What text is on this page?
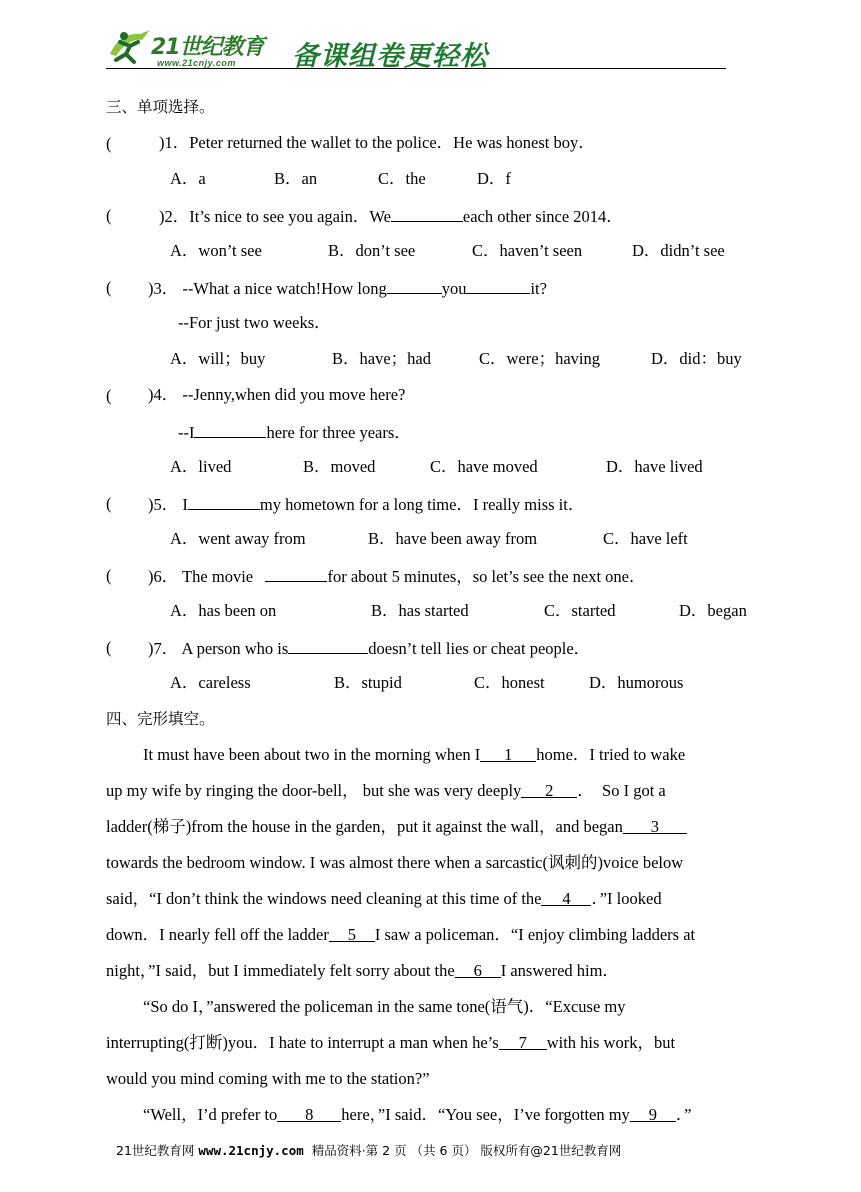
21世纪教育
www.21cnjy.com 备课组卷更轻松
三、单项选择。
(	)1．Peter returned the wallet to the police．He was honest boy．
A．a	B．an	C．the	D．f
(	)2．It’s nice to see you again．We	each other since 2014．
A．won’t see	B．don’t see	C．haven’t seen	D．didn’t see
( )3． --What a nice watch!How long	you	it?
--For just two weeks．
A．will；buy	B．have；had	C．were；having	D．did：buy
( )4． --Jenny,when did you move here?
--I	here for three years．
A．lived	B．moved	C．have moved	D．have lived
( )5． I	my hometown for a long time．I really miss it．
A．went away from	B．have been away from	C．have left
( )6． The movie	for about 5 minutes，so let’s see the next one．
A．has been on	B．has started	C．started	D．began
( )7． A person who is	doesn’t tell lies or cheat people．
A．careless	B．stupid	C．honest	D．humorous
四、完形填空。
It must have been about two in the morning when I 1 home．I tried to wake
up my wife by ringing the door-bell， but she was very deeply 2 ．  So I got a
ladder(梯子)from the house in the garden，put it against the wall，and began 3
towards the bedroom window. I was almost there when a sarcastic(讽刺的)voice below
said，“I don’t think the windows need cleaning at this time of the 4 ．”I looked
down．I nearly fell off the ladder 5 I saw a policeman．“I enjoy climbing ladders at
night，”I said，but I immediately felt sorry about the 6 I answered him．
“So do I，”answered the policeman in the same tone(语气)．“Excuse my
interrupting(打断)you．I hate to interrupt a man when he’s 7 with his work，but
would you mind coming with me to the station?”
“Well，I’d prefer to 8 here，”I said．“You see，I’ve forgotten my 9 ．”
21世纪教育网 www.21cnjy.com  精品资料·第 2 页 （共 6 页） 版权所有@21世纪教育网
